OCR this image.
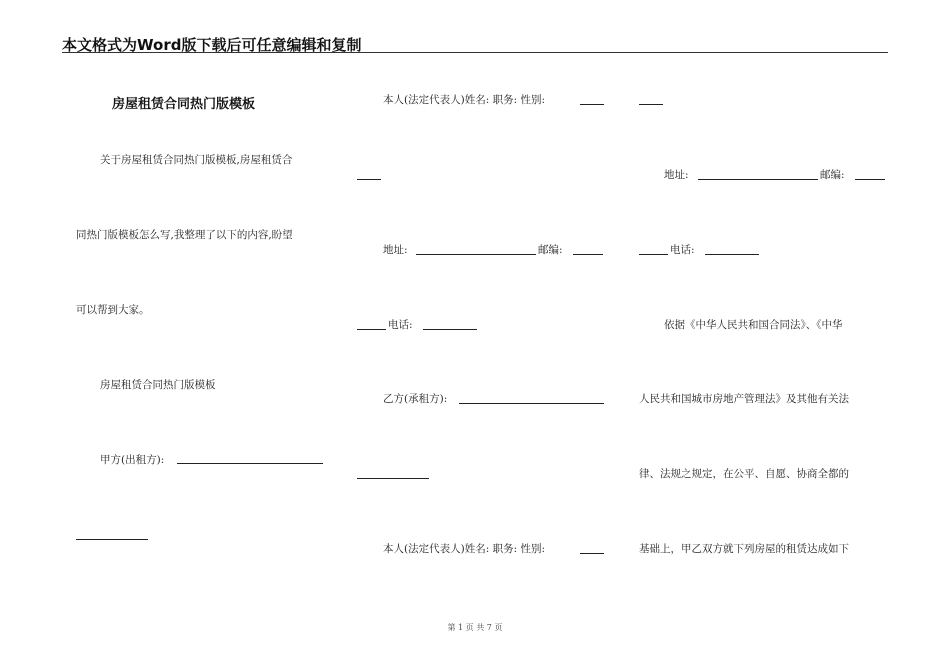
本文格式为Word版下载后可任意编辑和复制
房屋租赁合同热门版模板
关于房屋租赁合同热门版模板,房屋租赁合
同热门版模板怎么写,我整理了以下的内容,盼望
可以帮到大家。
房屋租赁合同热门版模板
甲方(出租方):
本人(法定代表人)姓名: 职务: 性别:
地址:	邮编:
电话:
乙方(承租方):
本人(法定代表人)姓名: 职务: 性别:
地址:	邮编:
电话:
依据《中华人民共和国合同法》、《中华
人民共和国城市房地产管理法》及其他有关法
律、法规之规定，在公平、自愿、协商全都的
基础上，甲乙双方就下列房屋的租赁达成如下
第 1 页 共 7 页
